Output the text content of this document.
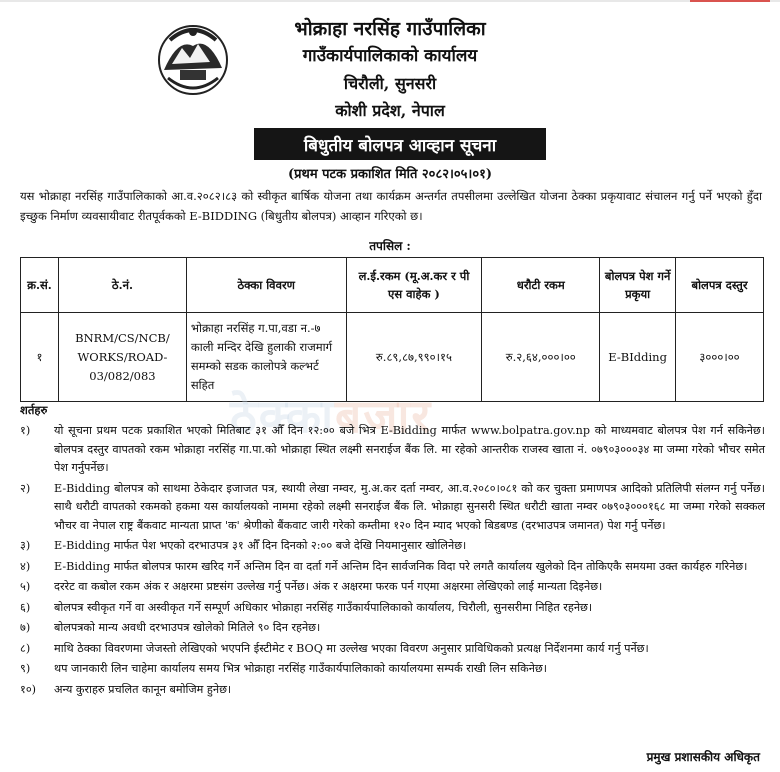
भोक्राहा नरसिंह गाउँपालिका
गाउँकार्यपालिकाको कार्यालय
चिरौली, सुनसरी
कोशी प्रदेश, नेपाल
बिधुतीय बोलपत्र आव्हान सूचना
(प्रथम पटक प्रकाशित मिति २०८२।०५।०१)
यस भोक्राहा नरसिंह गाउँपालिकाको आ.व.२०८२।८३ को स्वीकृत बार्षिक योजना तथा कार्यक्रम अन्तर्गत तपसीलमा उल्लेखित योजना ठेक्का प्रकृयावाट संचालन गर्नु पर्ने भएको हुँदा इच्छुक निर्माण व्यवसायीवाट रीतपूर्वकको E-BIDDING (बिधुतीय बोलपत्र) आव्हान गरिएको छ।
तपसिल :
क्र.सं.	ठे.नं.	ठेक्का विवरण	ल.ई.रकम (मू.अ.कर र पी एस वाहेक )	धरौटी रकम	बोलपत्र पेश गर्ने प्रकृया	बोलपत्र दस्तुर
१	BNRM/CS/NCB/ WORKS/ROAD-03/082/083	भोक्राहा नरसिंह ग.पा,वडा न.-७ काली मन्दिर देखि हुलाकी राजमार्ग समम्को सडक कालोपत्रे कल्भर्ट सहित	रु.८९,८७,९९०।१५	रु.२,६४,०००।००	E-BIdding	३०००।००
ठेक्काबजार
शर्तहरु
१)	यो सूचना प्रथम पटक प्रकाशित भएको मितिबाट ३१ औँ दिन १२:०० बजे भित्र E-Bidding मार्फत www.bolpatra.gov.np को माध्यमवाट बोलपत्र पेश गर्न सकिनेछ। बोलपत्र दस्तुर वापतको रकम भोक्राहा नरसिंह गा.पा.को भोक्राहा स्थित लक्ष्मी सनराईज बैंक लि. मा रहेको आन्तरीक राजस्व खाता नं. ०७९०३०००३४ मा जम्मा गरेको भौचर समेत पेश गर्नुपर्नेछ।
२)	E-Bidding बोलपत्र को साथमा ठेकेदार इजाजत पत्र, स्थायी लेखा नम्वर, मु.अ.कर दर्ता नम्वर, आ.व.२०८०।०८१ को कर चुक्ता प्रमाणपत्र आदिको प्रतिलिपी संलग्न गर्नु पर्नेछ। साथै धरौटी वापतको रकमको हकमा यस कार्यालयको नाममा रहेको लक्ष्मी सनराईज बैंक लि. भोक्राहा सुनसरी स्थित धरौटी खाता नम्वर ०७९०३०००१६८ मा जम्मा गरेको सक्कल भौचर वा नेपाल राष्ट्र बैंकवाट मान्यता प्राप्त 'क' श्रेणीको बैंकवाट जारी गरेको कम्तीमा १२० दिन म्याद भएको बिडबण्ड (दरभाउपत्र जमानत) पेश गर्नु पर्नेछ।
३)	E-Bidding मार्फत पेश भएको दरभाउपत्र ३१ औँ दिन दिनको २:०० बजे देखि नियमानुसार खोलिनेछ।
४)	E-Bidding मार्फत बोलपत्र फारम खरिद गर्ने अन्तिम दिन वा दर्ता गर्ने अन्तिम दिन सार्वजनिक विदा परे लगतै कार्यालय खुलेको दिन तोकिएकै समयमा उक्त कार्यहरु गरिनेछ।
५)	दररेट वा कबोल रकम अंक र अक्षरमा प्रष्टसंग उल्लेख गर्नु पर्नेछ। अंक र अक्षरमा फरक पर्न गएमा अक्षरमा लेखिएको लाई मान्यता दिइनेछ।
६)	बोलपत्र स्वीकृत गर्ने वा अस्वीकृत गर्ने सम्पूर्ण अधिकार भोक्राहा नरसिंह गाउँकार्यपालिकाको कार्यालय, चिरौली, सुनसरीमा निहित रहनेछ।
७)	बोलपत्रको मान्य अवधी दरभाउपत्र खोलेको मितिले ९० दिन रहनेछ।
८)	माथि ठेक्का विवरणमा जेजस्तो लेखिएको भएपनि ईस्टीमेट र BOQ मा उल्लेख भएका विवरण अनुसार प्राविधिकको प्रत्यक्ष निर्देशनमा कार्य गर्नु पर्नेछ।
९)	थप जानकारी लिन चाहेमा कार्यालय समय भित्र भोक्राहा नरसिंह गाउँकार्यपालिकाको कार्यालयमा सम्पर्क राखी लिन सकिनेछ।
१०)	अन्य कुराहरु प्रचलित कानून बमोजिम हुनेछ।
प्रमुख प्रशासकीय अधिकृत
